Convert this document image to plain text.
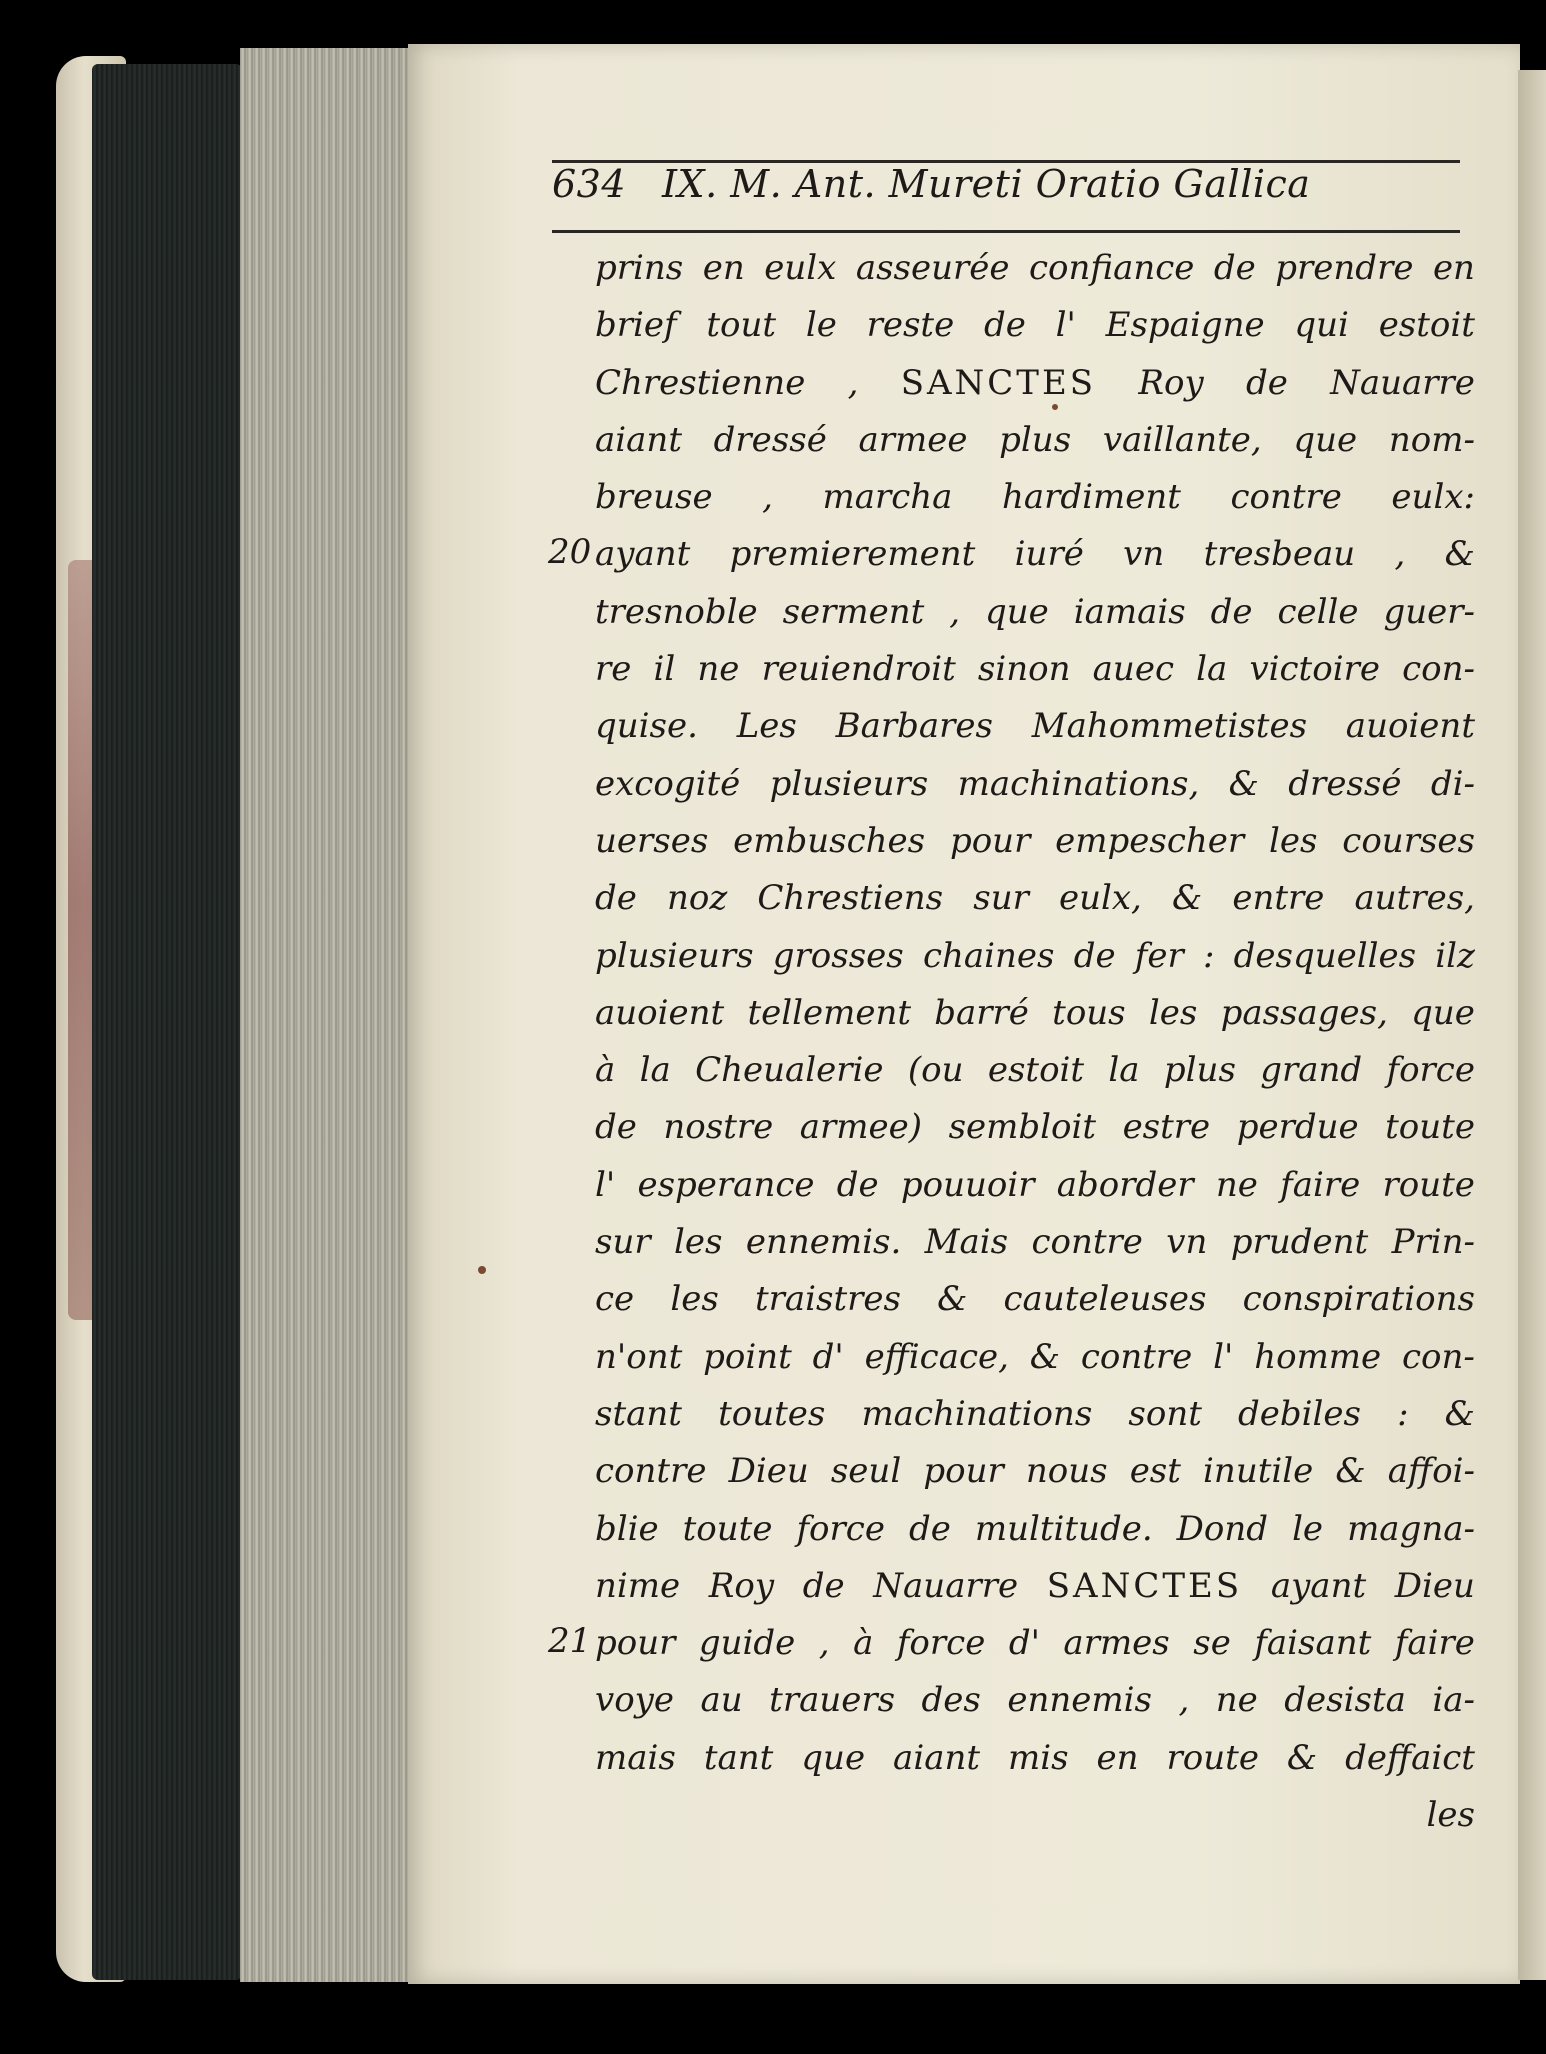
634 IX. M. Ant. Mureti Oratio Gallica
20
21
prins en eulx asseurée confiance de prendre en
brief tout le reste de l' Espaigne qui estoit
Chrestienne , SANCTES Roy de Nauarre
aiant dressé armee plus vaillante, que nom-
breuse , marcha hardiment contre eulx:
ayant premierement iuré vn tresbeau , &
tresnoble serment , que iamais de celle guer-
re il ne reuiendroit sinon auec la victoire con-
quise. Les Barbares Mahommetistes auoient
excogité plusieurs machinations, & dressé di-
uerses embusches pour empescher les courses
de noz Chrestiens sur eulx, & entre autres,
plusieurs grosses chaines de fer : desquelles ilz
auoient tellement barré tous les passages, que
à la Cheualerie (ou estoit la plus grand force
de nostre armee) sembloit estre perdue toute
l' esperance de pouuoir aborder ne faire route
sur les ennemis. Mais contre vn prudent Prin-
ce les traistres & cauteleuses conspirations
n'ont point d' efficace, & contre l' homme con-
stant toutes machinations sont debiles : &
contre Dieu seul pour nous est inutile & affoi-
blie toute force de multitude. Dond le magna-
nime Roy de Nauarre SANCTES ayant Dieu
pour guide , à force d' armes se faisant faire
voye au trauers des ennemis , ne desista ia-
mais tant que aiant mis en route & deffaict
les
